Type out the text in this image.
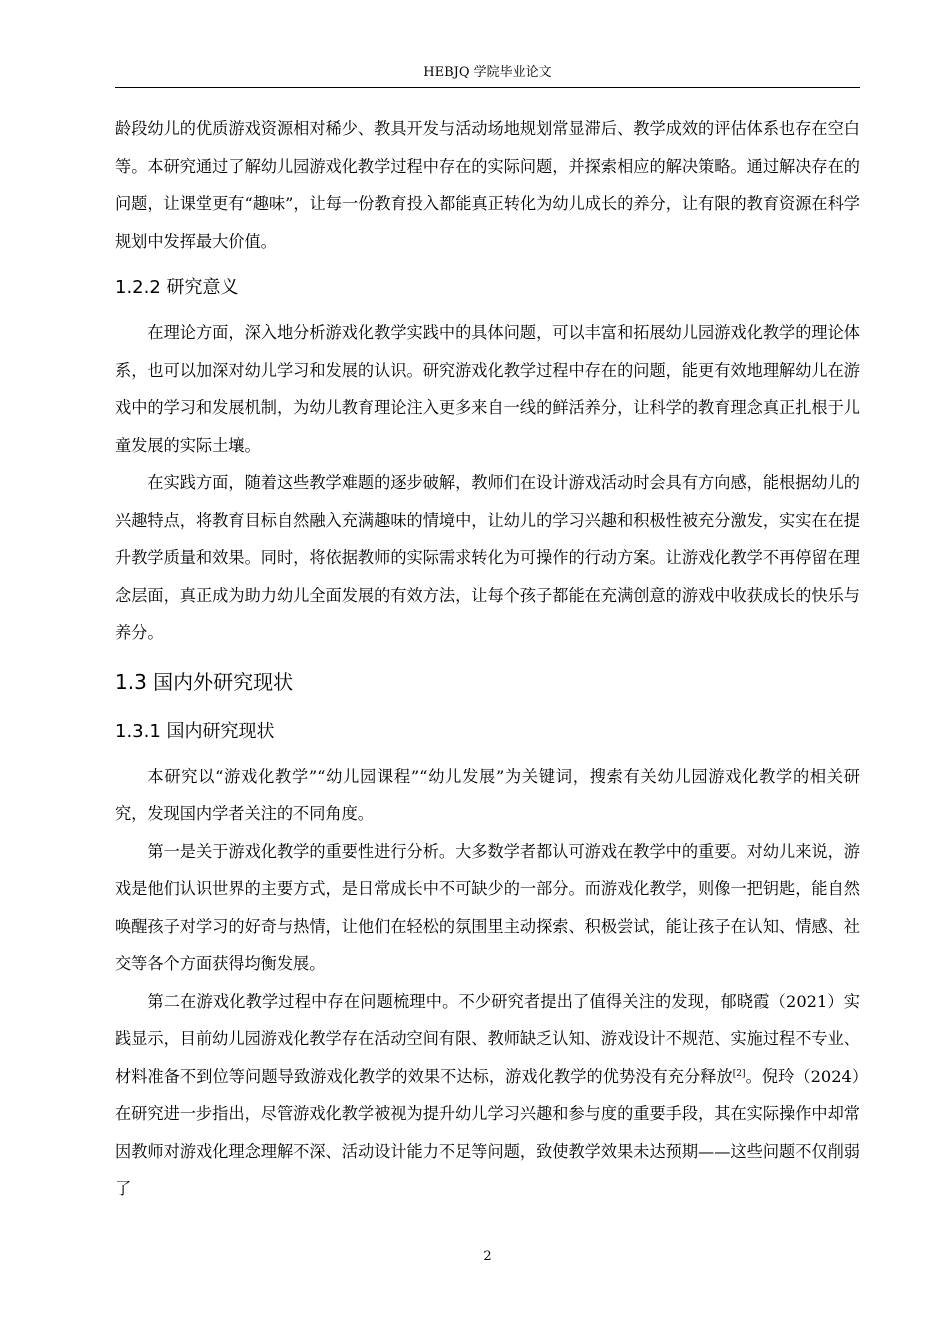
HEBJQ 学院毕业论文

龄段幼儿的优质游戏资源相对稀少、教具开发与活动场地规划常显滞后、教学成效的评估体系也存在空白等。本研究通过了解幼儿园游戏化教学过程中存在的实际问题，并探索相应的解决策略。通过解决存在的问题，让课堂更有“趣味”，让每一份教育投入都能真正转化为幼儿成长的养分，让有限的教育资源在科学规划中发挥最大价值。

1.2.2 研究意义

在理论方面，深入地分析游戏化教学实践中的具体问题，可以丰富和拓展幼儿园游戏化教学的理论体系，也可以加深对幼儿学习和发展的认识。研究游戏化教学过程中存在的问题，能更有效地理解幼儿在游戏中的学习和发展机制，为幼儿教育理论注入更多来自一线的鲜活养分，让科学的教育理念真正扎根于儿童发展的实际土壤。

在实践方面，随着这些教学难题的逐步破解，教师们在设计游戏活动时会具有方向感，能根据幼儿的兴趣特点，将教育目标自然融入充满趣味的情境中，让幼儿的学习兴趣和积极性被充分激发，实实在在提升教学质量和效果。同时，将依据教师的实际需求转化为可操作的行动方案。让游戏化教学不再停留在理念层面，真正成为助力幼儿全面发展的有效方法，让每个孩子都能在充满创意的游戏中收获成长的快乐与养分。

1.3 国内外研究现状
1.3.1 国内研究现状

本研究以“游戏化教学”“幼儿园课程”“幼儿发展”为关键词，搜索有关幼儿园游戏化教学的相关研究，发现国内学者关注的不同角度。

第一是关于游戏化教学的重要性进行分析。大多数学者都认可游戏在教学中的重要。对幼儿来说，游戏是他们认识世界的主要方式，是日常成长中不可缺少的一部分。而游戏化教学，则像一把钥匙，能自然唤醒孩子对学习的好奇与热情，让他们在轻松的氛围里主动探索、积极尝试，能让孩子在认知、情感、社交等各个方面获得均衡发展。

第二在游戏化教学过程中存在问题梳理中。不少研究者提出了值得关注的发现，郁晓霞（2021）实践显示，目前幼儿园游戏化教学存在活动空间有限、教师缺乏认知、游戏设计不规范、实施过程不专业、材料准备不到位等问题导致游戏化教学的效果不达标，游戏化教学的优势没有充分释放[2]。倪玲（2024）在研究进一步指出，尽管游戏化教学被视为提升幼儿学习兴趣和参与度的重要手段，其在实际操作中却常因教师对游戏化理念理解不深、活动设计能力不足等问题，致使教学效果未达预期——这些问题不仅削弱了

2
